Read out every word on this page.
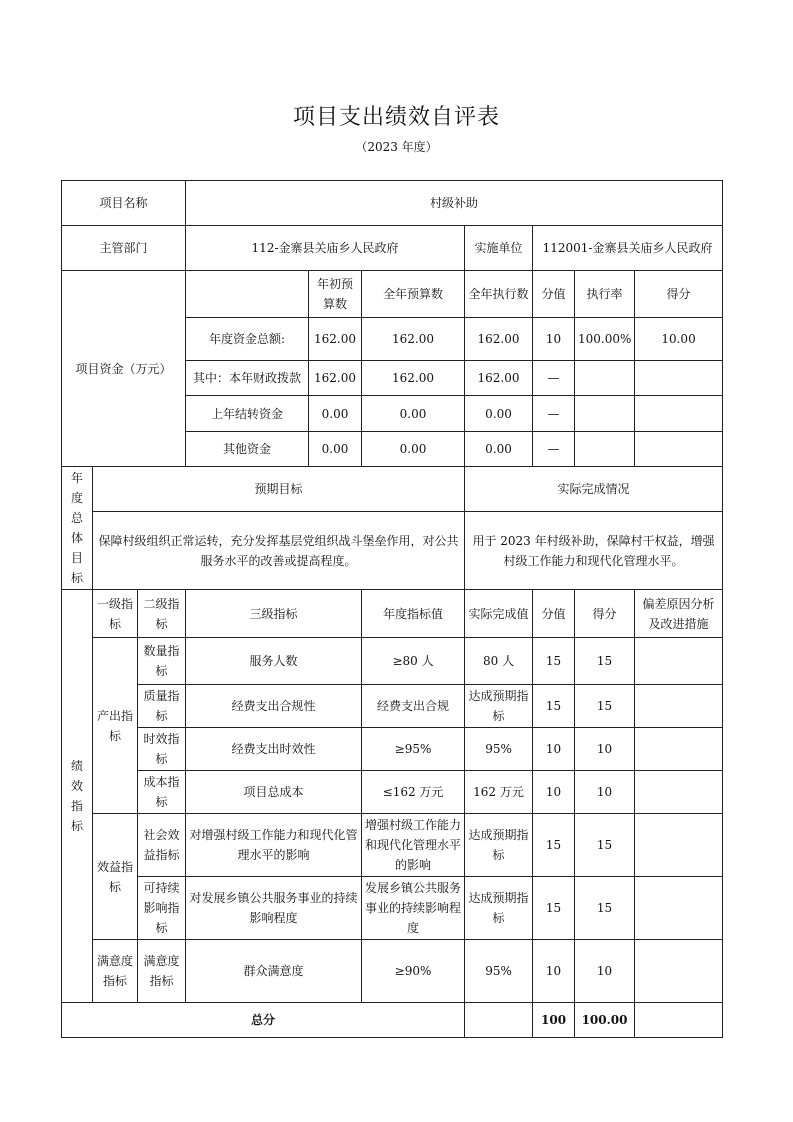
项目支出绩效自评表
（2023 年度）
项目名称			村级补助						
主管部门			112-金寨县关庙乡人民政府			实施单位	112001-金寨县关庙乡人民政府		
项目资金（万元）				年初预算数	全年预算数	全年执行数	分值	执行率	得分
			年度资金总额:	162.00	162.00	162.00	10	100.00%	10.00
			其中：本年财政拨款	162.00	162.00	162.00	—		
			上年结转资金	0.00	0.00	0.00	—		
			其他资金	0.00	0.00	0.00	—		
年度总体目标	预期目标					实际完成情况			
	保障村级组织正常运转，充分发挥基层党组织战斗堡垒作用，对公共服务水平的改善或提高程度。					用于 2023 年村级补助，保障村干权益，增强村级工作能力和现代化管理水平。			
绩效指标	一级指标	二级指标	三级指标		年度指标值	实际完成值	分值	得分	偏差原因分析及改进措施
	产出指标	数量指标	服务人数		≥80 人	80 人	15	15	
		质量指标	经费支出合规性		经费支出合规	达成预期指标	15	15	
		时效指标	经费支出时效性		≥95%	95%	10	10	
		成本指标	项目总成本		≤162 万元	162 万元	10	10	
	效益指标	社会效益指标	对增强村级工作能力和现代化管理水平的影响		增强村级工作能力和现代化管理水平的影响	达成预期指标	15	15	
		可持续影响指标	对发展乡镇公共服务事业的持续影响程度		发展乡镇公共服务事业的持续影响程度	达成预期指标	15	15	
	满意度指标	满意度指标	群众满意度		≥90%	95%	10	10	
总分							100	100.00	
